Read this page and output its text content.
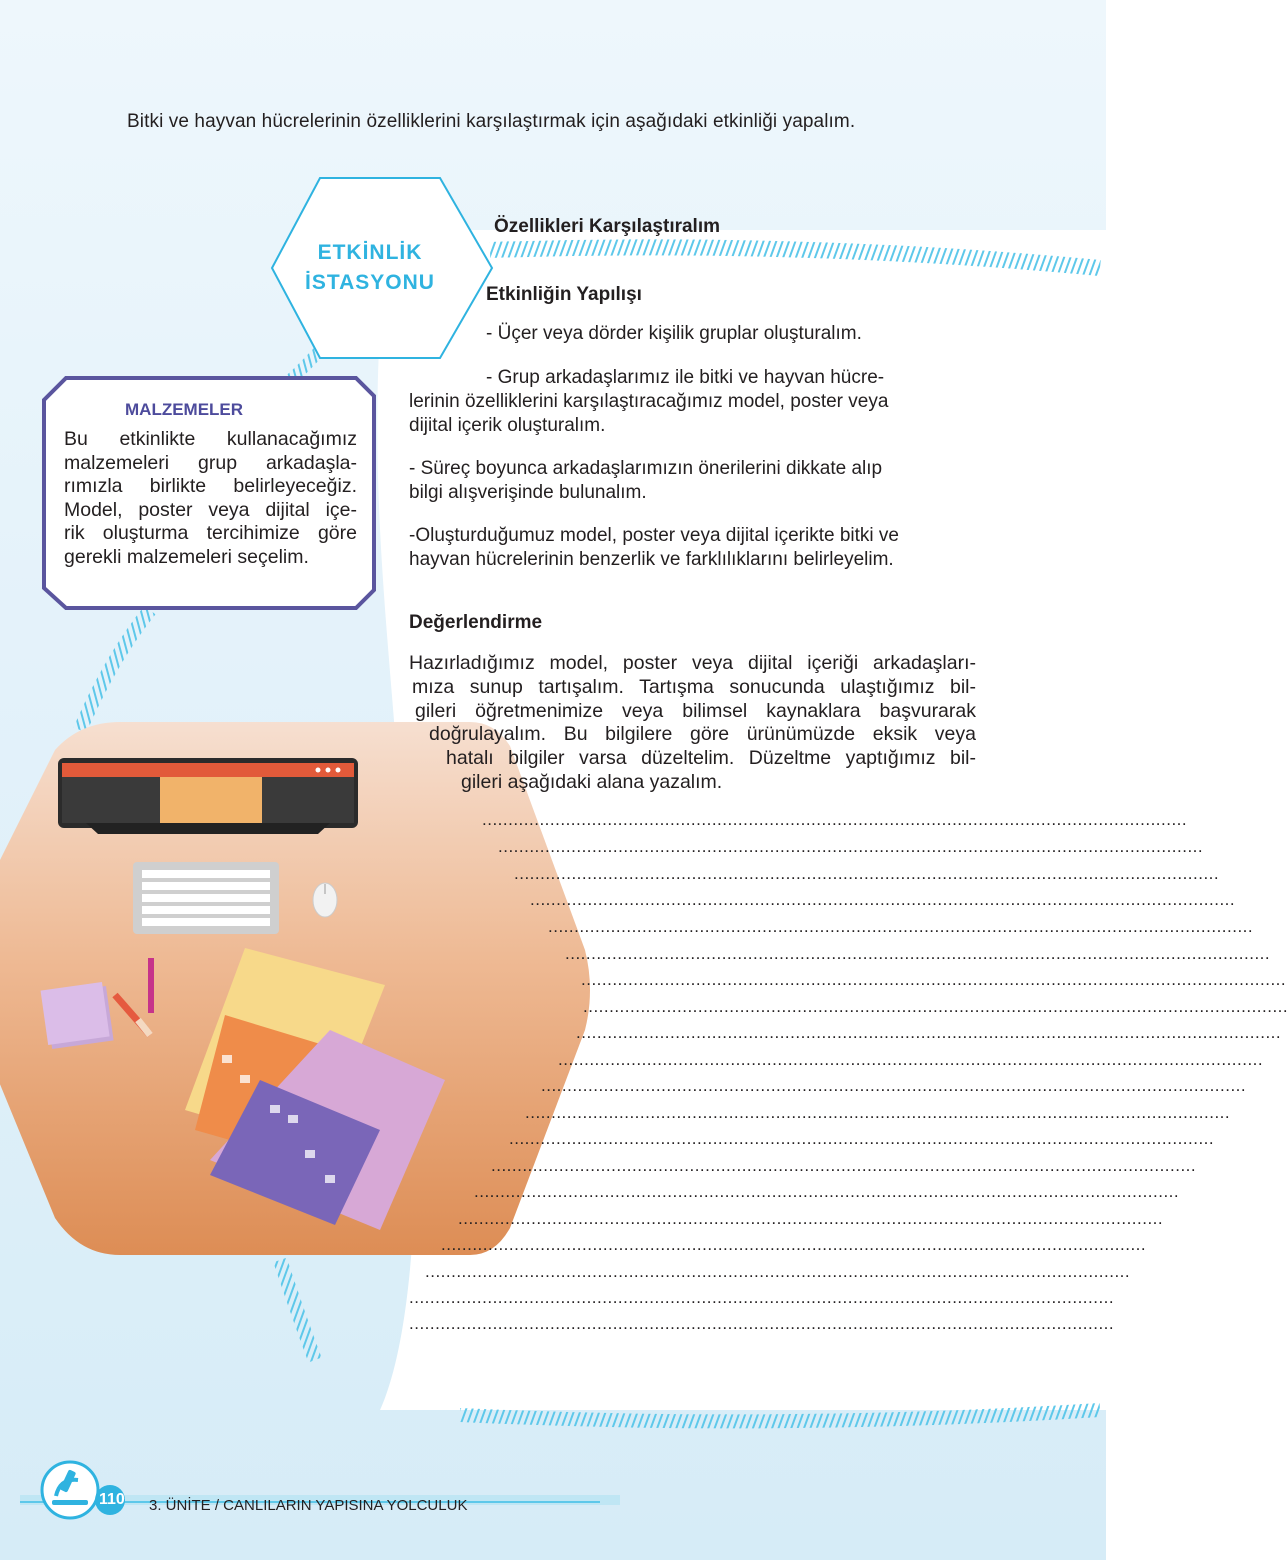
Bitki ve hayvan hücrelerinin özelliklerini karşılaştırmak için aşağıdaki etkinliği yapalım.
ETKİNLİK
İSTASYONU
Özellikleri Karşılaştıralım
Etkinliğin Yapılışı
- Üçer veya dörder kişilik gruplar oluşturalım.
- Grup arkadaşlarımız ile bitki ve hayvan hücre-
lerinin özelliklerini karşılaştıracağımız model, poster veya
dijital içerik oluşturalım.
- Süreç boyunca arkadaşlarımızın önerilerini dikkate alıp
bilgi alışverişinde bulunalım.
-Oluşturduğumuz model, poster veya dijital içerikte bitki ve
hayvan hücrelerinin benzerlik ve farklılıklarını belirleyelim.
MALZEMELER
Bu etkinlikte kullanacağımız
malzemeleri grup arkadaşla-
rımızla birlikte belirleyeceğiz.
Model, poster veya dijital içe-
rik oluşturma tercihimize göre
gerekli malzemeleri seçelim.
Değerlendirme
Hazırladığımız model, poster veya dijital içeriği arkadaşları-
mıza sunup tartışalım. Tartışma sonucunda ulaştığımız bil-
gileri öğretmenimize veya bilimsel kaynaklara başvurarak
doğrulayalım. Bu bilgilere göre ürünümüzde eksik veya
hatalı bilgiler varsa düzeltelim. Düzeltme yaptığımız bil-
gileri aşağıdaki alana yazalım.
.......................................................................................................................................
.......................................................................................................................................
.......................................................................................................................................
.......................................................................................................................................
.......................................................................................................................................
.......................................................................................................................................
.......................................................................................................................................
.......................................................................................................................................
.......................................................................................................................................
.......................................................................................................................................
.......................................................................................................................................
.......................................................................................................................................
.......................................................................................................................................
.......................................................................................................................................
.......................................................................................................................................
.......................................................................................................................................
.......................................................................................................................................
.......................................................................................................................................
.......................................................................................................................................
.......................................................................................................................................
110 3. ÜNİTE / CANLILARIN YAPISINA YOLCULUK
